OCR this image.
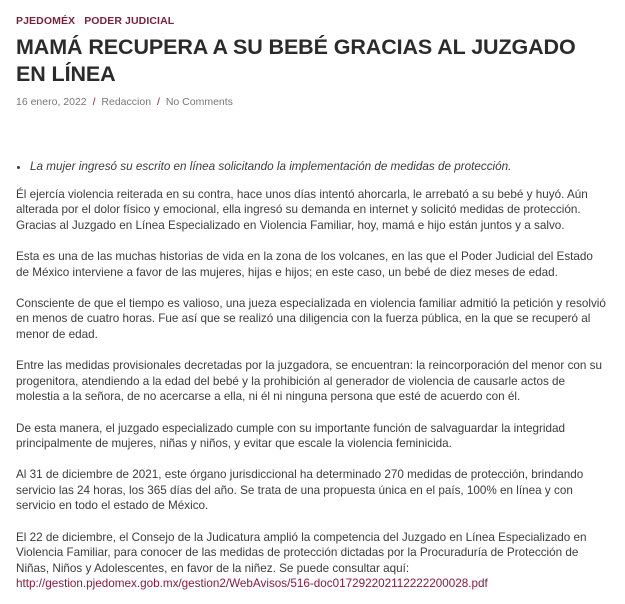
PJEDOMÉX PODER JUDICIAL
MAMÁ RECUPERA A SU BEBÉ GRACIAS AL JUZGADO EN LÍNEA
16 enero, 2022 / Redaccion / No Comments
• La mujer ingresó su escrito en línea solicitando la implementación de medidas de protección.

Él ejercía violencia reiterada en su contra, hace unos días intentó ahorcarla, le arrebató a su bebé y huyó. Aún alterada por el dolor físico y emocional, ella ingresó su demanda en internet y solicitó medidas de protección. Gracias al Juzgado en Línea Especializado en Violencia Familiar, hoy, mamá e hijo están juntos y a salvo.

Esta es una de las muchas historias de vida en la zona de los volcanes, en las que el Poder Judicial del Estado de México interviene a favor de las mujeres, hijas e hijos; en este caso, un bebé de diez meses de edad.

Consciente de que el tiempo es valioso, una jueza especializada en violencia familiar admitió la petición y resolvió en menos de cuatro horas. Fue así que se realizó una diligencia con la fuerza pública, en la que se recuperó al menor de edad.

Entre las medidas provisionales decretadas por la juzgadora, se encuentran: la reincorporación del menor con su progenitora, atendiendo a la edad del bebé y la prohibición al generador de violencia de causarle actos de molestia a la señora, de no acercarse a ella, ni él ni ninguna persona que esté de acuerdo con él.

De esta manera, el juzgado especializado cumple con su importante función de salvaguardar la integridad principalmente de mujeres, niñas y niños, y evitar que escale la violencia feminicida.

Al 31 de diciembre de 2021, este órgano jurisdiccional ha determinado 270 medidas de protección, brindando servicio las 24 horas, los 365 días del año. Se trata de una propuesta única en el país, 100% en línea y con servicio en todo el estado de México.

El 22 de diciembre, el Consejo de la Judicatura amplió la competencia del Juzgado en Línea Especializado en Violencia Familiar, para conocer de las medidas de protección dictadas por la Procuraduría de Protección de Niñas, Niños y Adolescentes, en favor de la niñez. Se puede consultar aquí:
http://gestion.pjedomex.gob.mx/gestion2/WebAvisos/516-doc017292202112222200028.pdf
